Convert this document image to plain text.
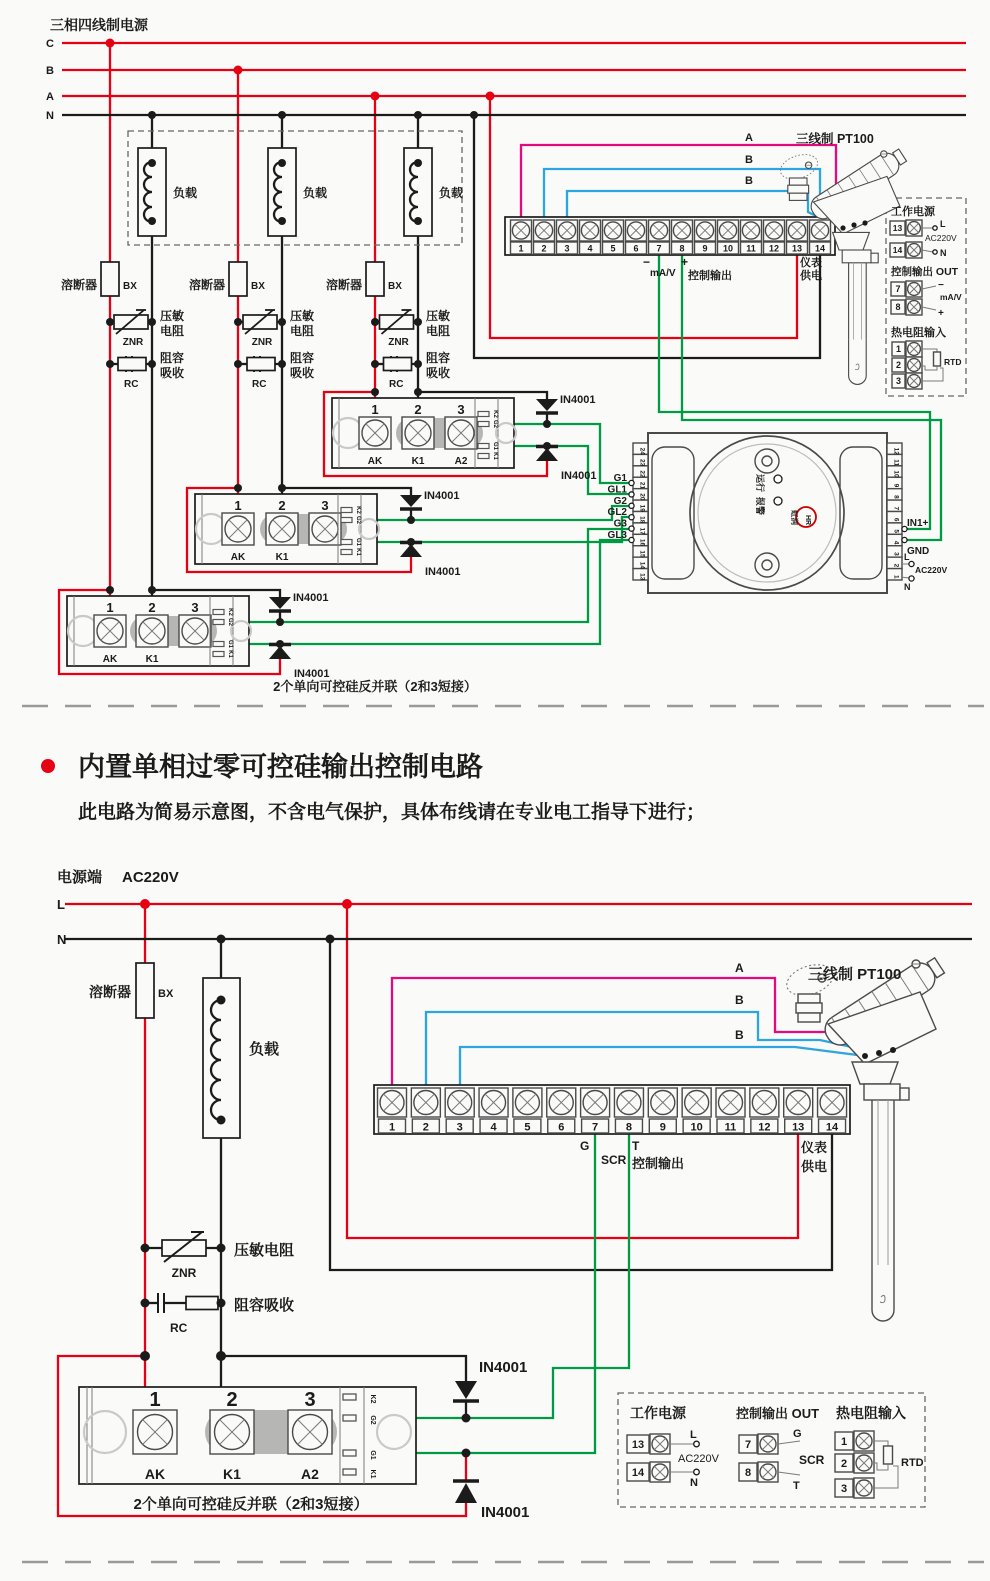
C
B
A
N
负载
溶断器	BX
压敏
电阻
ZNR
阻容
吸收
RC
负载
溶断器	BX
压敏
电阻
ZNR
阻容
吸收
RC
负载
溶断器	BX
压敏
电阻
ZNR
阻容
吸收
RC
1
AK
2
K1
3	K2
G2
G1
K1
IN4001
IN4001
1
AK
2
K1
3	K2
G2
G1
K1
IN4001
IN4001
1
AK
2
K1
3
A2
K2
G2
G1
K1
IN4001
IN4001
1 2 3 4 5 6 7 8 9 10 11 12 13 14
−
mA/V
+
控制输出
仪表
供电
A
B
B
运行
报警
HR
虹润
24	12
23	11
22	10
21	9
20	8
19	7
18	6
17	5
16	4
15	3
14	2
13	1
G1
GL1
G2
GL2
G3
GL3
IN1+
GND
L
AC220V
N
工作电源
13	L
AC220V
14	N
控制输出 OUT
7	−
mA/V
8
+
热电阻输入
1
2
3
RTD
L
N
溶断器 BX
负载
压敏电阻
ZNR
阻容吸收
RC
1
AK
2
K1
3
A2
K2
G2
G1
K1
IN4001
IN4001
1	2	3	4	5	6	7	8	9 10 11 12 13 14
G
SCR
T
控制输出
仪表
供电
A
B
B
工作电源
13
L
AC220V
14
N
控制输出 OUT
7
G
SCR
8
T
热电阻输入
1
2
3
RTD
三相四线制电源
三线制 PT100
2个单向可控硅反并联（2和3短接）
内置单相过零可控硅输出控制电路
此电路为简易示意图，不含电气保护，具体布线请在专业电工指导下进行；
电源端 AC220V
三线制 PT100
2个单向可控硅反并联（2和3短接）
